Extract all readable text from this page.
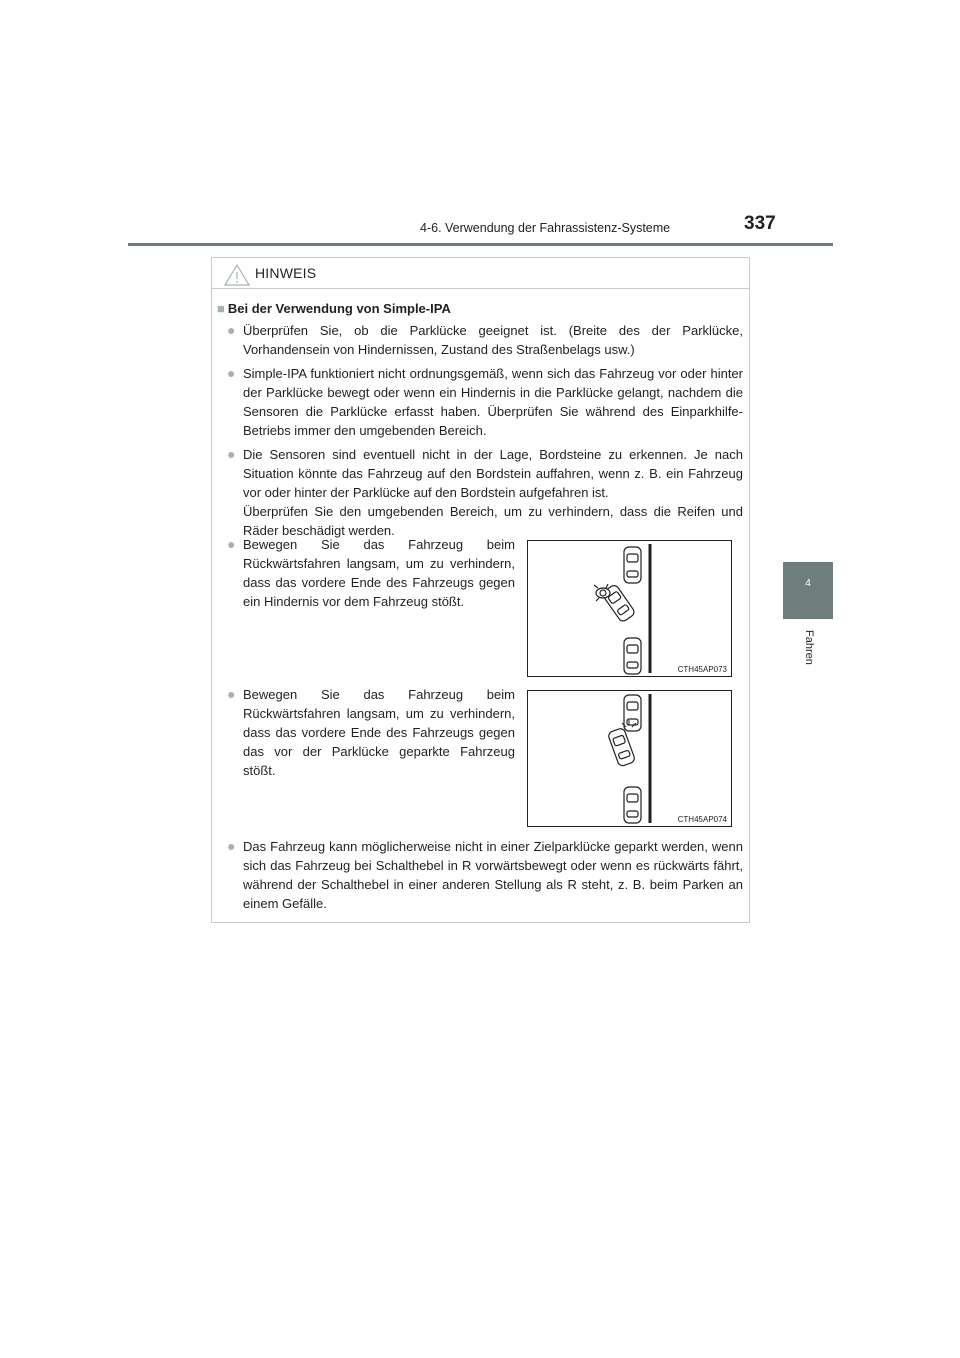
4-6. Verwendung der Fahrassistenz-Systeme	337
4
Fahren
HINWEIS
■ Bei der Verwendung von Simple-IPA
● Überprüfen Sie, ob die Parklücke geeignet ist. (Breite des der Parklücke, Vorhandensein von Hindernissen, Zustand des Straßenbelags usw.)

● Simple-IPA funktioniert nicht ordnungsgemäß, wenn sich das Fahrzeug vor oder hinter der Parklücke bewegt oder wenn ein Hindernis in die Parklücke gelangt, nachdem die Sensoren die Parklücke erfasst haben. Überprüfen Sie während des Einparkhilfe-Betriebs immer den umgebenden Bereich.

● Die Sensoren sind eventuell nicht in der Lage, Bordsteine zu erkennen. Je nach Situation könnte das Fahrzeug auf den Bordstein auffahren, wenn z. B. ein Fahrzeug vor oder hinter der Parklücke auf den Bordstein aufgefahren ist.

Überprüfen Sie den umgebenden Bereich, um zu verhindern, dass die Reifen und Räder beschädigt werden.

● Bewegen Sie das Fahrzeug beim Rückwärtsfahren langsam, um zu verhindern, dass das vordere Ende des Fahrzeugs gegen ein Hindernis vor dem Fahrzeug stößt.

CTH45AP073
● Bewegen Sie das Fahrzeug beim Rückwärtsfahren langsam, um zu verhindern, dass das vordere Ende des Fahrzeugs gegen das vor der Parklücke geparkte Fahrzeug stößt.

CTH45AP074
● Das Fahrzeug kann möglicherweise nicht in einer Zielparklücke geparkt werden, wenn sich das Fahrzeug bei Schalthebel in R vorwärtsbewegt oder wenn es rückwärts fährt, während der Schalthebel in einer anderen Stellung als R steht, z. B. beim Parken an einem Gefälle.
